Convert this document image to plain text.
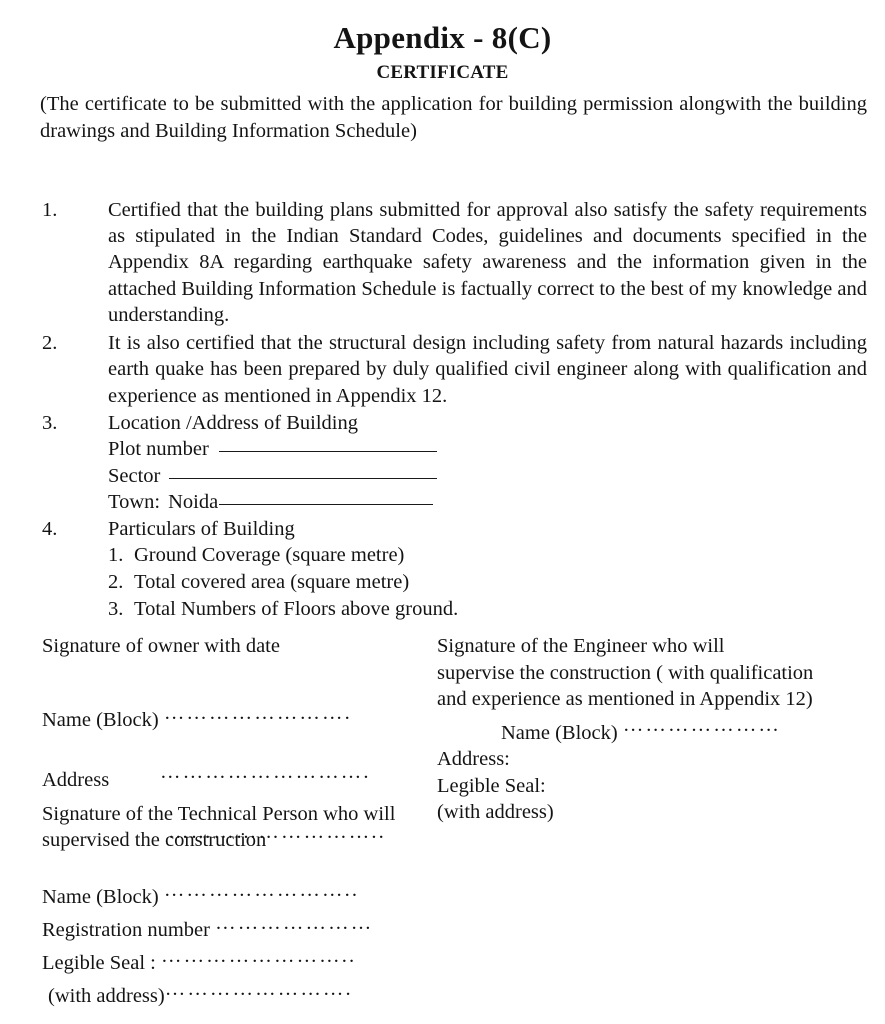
Appendix - 8(C)
CERTIFICATE
(The certificate to be submitted with the application for building permission alongwith the building drawings and Building Information Schedule)
1. Certified that the building plans submitted for approval also satisfy the safety requirements as stipulated in the Indian Standard Codes, guidelines and documents specified in the Appendix 8A regarding earthquake safety awareness and the information given in the attached Building Information Schedule is factually correct to the best of my knowledge and understanding.
2. It is also certified that the structural design including safety from natural hazards including earth quake has been prepared by duly qualified civil engineer along with qualification and experience as mentioned in Appendix 12.
3. Location /Address of Building
Plot number
Sector
Town: Noida
4. Particulars of Building
1. Ground Coverage (square metre)
2. Total covered area (square metre)
3. Total Numbers of Floors above ground.
Signature of owner with date
Name (Block) …………………….
Address ……………………….
………………………..
Signature of the Engineer who will
supervise the construction ( with qualification
and experience as mentioned in Appendix 12)
Name (Block) …………………
Address:
Legible Seal:
(with address)
Signature of the Technical Person who will
supervised the construction
Name (Block) ……………………..
Registration number …………………
Legible Seal : ……………………..
(with address)…………………….
